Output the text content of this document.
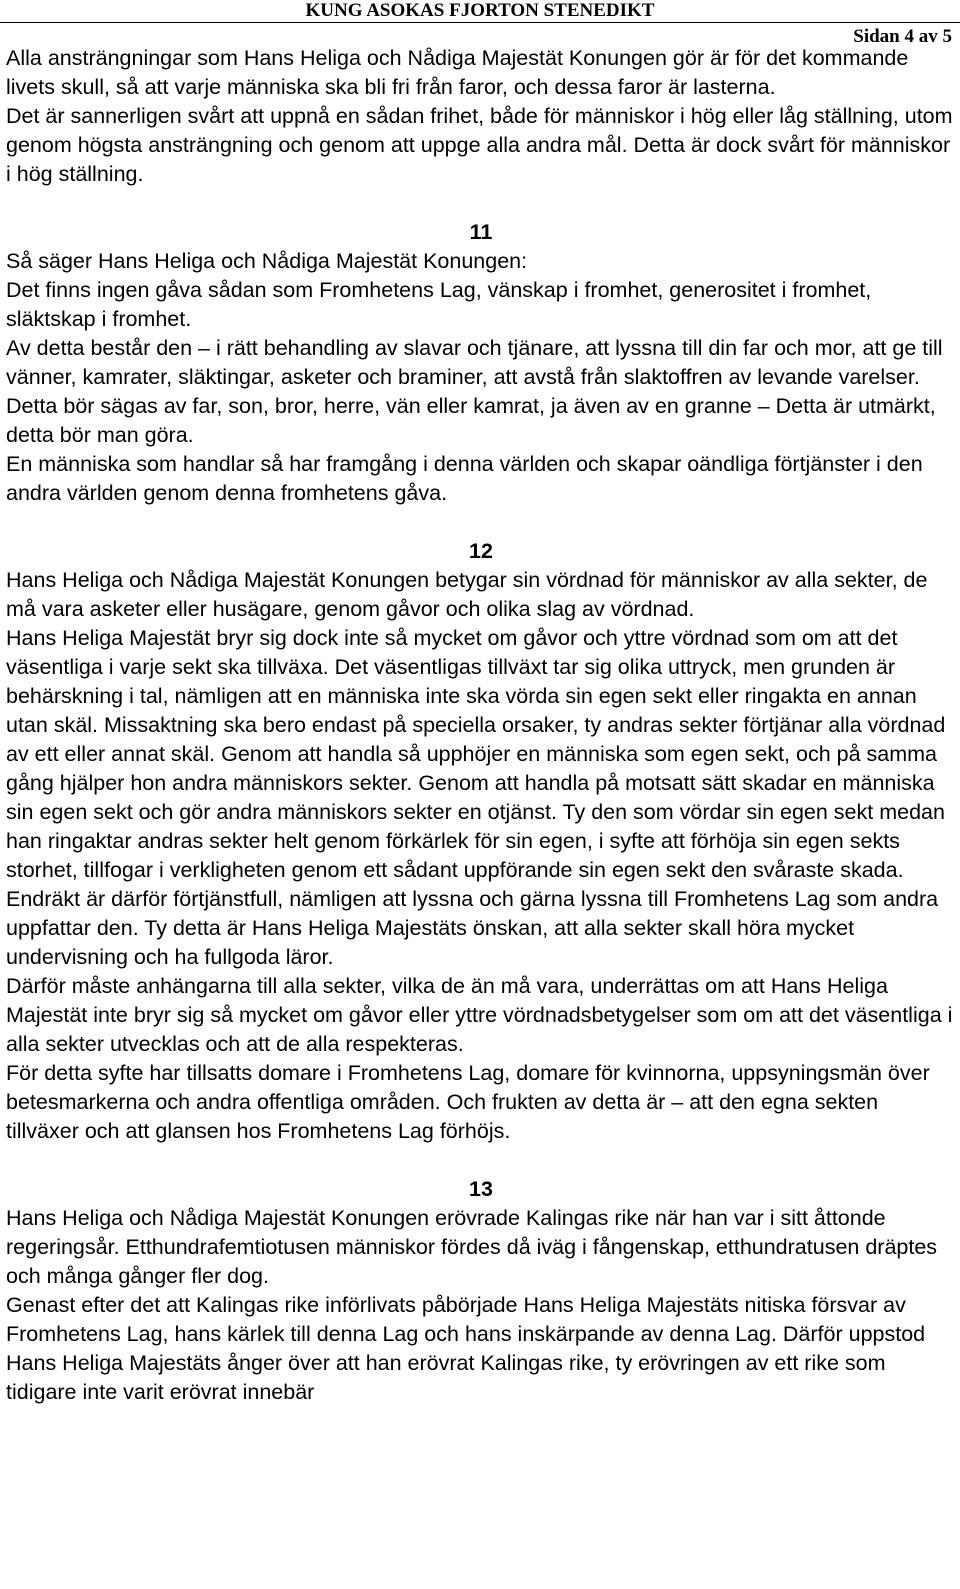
KUNG ASOKAS FJORTON STENEDIKT
Sidan 4 av 5

Alla ansträngningar som Hans Heliga och Nådiga Majestät Konungen gör är för det kommande livets skull, så att varje människa ska bli fri från faror, och dessa faror är lasterna.

Det är sannerligen svårt att uppnå en sådan frihet, både för människor i hög eller låg ställning, utom genom högsta ansträngning och genom att uppge alla andra mål. Detta är dock svårt för människor i hög ställning.

11

Så säger Hans Heliga och Nådiga Majestät Konungen:

Det finns ingen gåva sådan som Fromhetens Lag, vänskap i fromhet, generositet i fromhet, släktskap i fromhet.

Av detta består den – i rätt behandling av slavar och tjänare, att lyssna till din far och mor, att ge till vänner, kamrater, släktingar, asketer och braminer, att avstå från slaktoffren av levande varelser.

Detta bör sägas av far, son, bror, herre, vän eller kamrat, ja även av en granne – Detta är utmärkt, detta bör man göra.

En människa som handlar så har framgång i denna världen och skapar oändliga förtjänster i den andra världen genom denna fromhetens gåva.

12

Hans Heliga och Nådiga Majestät Konungen betygar sin vördnad för människor av alla sekter, de må vara asketer eller husägare, genom gåvor och olika slag av vördnad.

Hans Heliga Majestät bryr sig dock inte så mycket om gåvor och yttre vördnad som om att det väsentliga i varje sekt ska tillväxa. Det väsentligas tillväxt tar sig olika uttryck, men grunden är behärskning i tal, nämligen att en människa inte ska vörda sin egen sekt eller ringakta en annan utan skäl. Missaktning ska bero endast på speciella orsaker, ty andras sekter förtjänar alla vördnad av ett eller annat skäl. Genom att handla så upphöjer en människa som egen sekt, och på samma gång hjälper hon andra människors sekter. Genom att handla på motsatt sätt skadar en människa sin egen sekt och gör andra människors sekter en otjänst. Ty den som vördar sin egen sekt medan han ringaktar andras sekter helt genom förkärlek för sin egen, i syfte att förhöja sin egen sekts storhet, tillfogar i verkligheten genom ett sådant uppförande sin egen sekt den svåraste skada.

Endräkt är därför förtjänstfull, nämligen att lyssna och gärna lyssna till Fromhetens Lag som andra uppfattar den. Ty detta är Hans Heliga Majestäts önskan, att alla sekter skall höra mycket undervisning och ha fullgoda läror.

Därför måste anhängarna till alla sekter, vilka de än må vara, underrättas om att Hans Heliga Majestät inte bryr sig så mycket om gåvor eller yttre vördnadsbetygelser som om att det väsentliga i alla sekter utvecklas och att de alla respekteras.

För detta syfte har tillsatts domare i Fromhetens Lag, domare för kvinnorna, uppsyningsmän över betesmarkerna och andra offentliga områden. Och frukten av detta är – att den egna sekten tillväxer och att glansen hos Fromhetens Lag förhöjs.

13

Hans Heliga och Nådiga Majestät Konungen erövrade Kalingas rike när han var i sitt åttonde regeringsår. Etthundrafemtiotusen människor fördes då iväg i fångenskap, etthundratusen dräptes och många gånger fler dog.

Genast efter det att Kalingas rike införlivats påbörjade Hans Heliga Majestäts nitiska försvar av Fromhetens Lag, hans kärlek till denna Lag och hans inskärpande av denna Lag. Därför uppstod Hans Heliga Majestäts ånger över att han erövrat Kalingas rike, ty erövringen av ett rike som tidigare inte varit erövrat innebär
